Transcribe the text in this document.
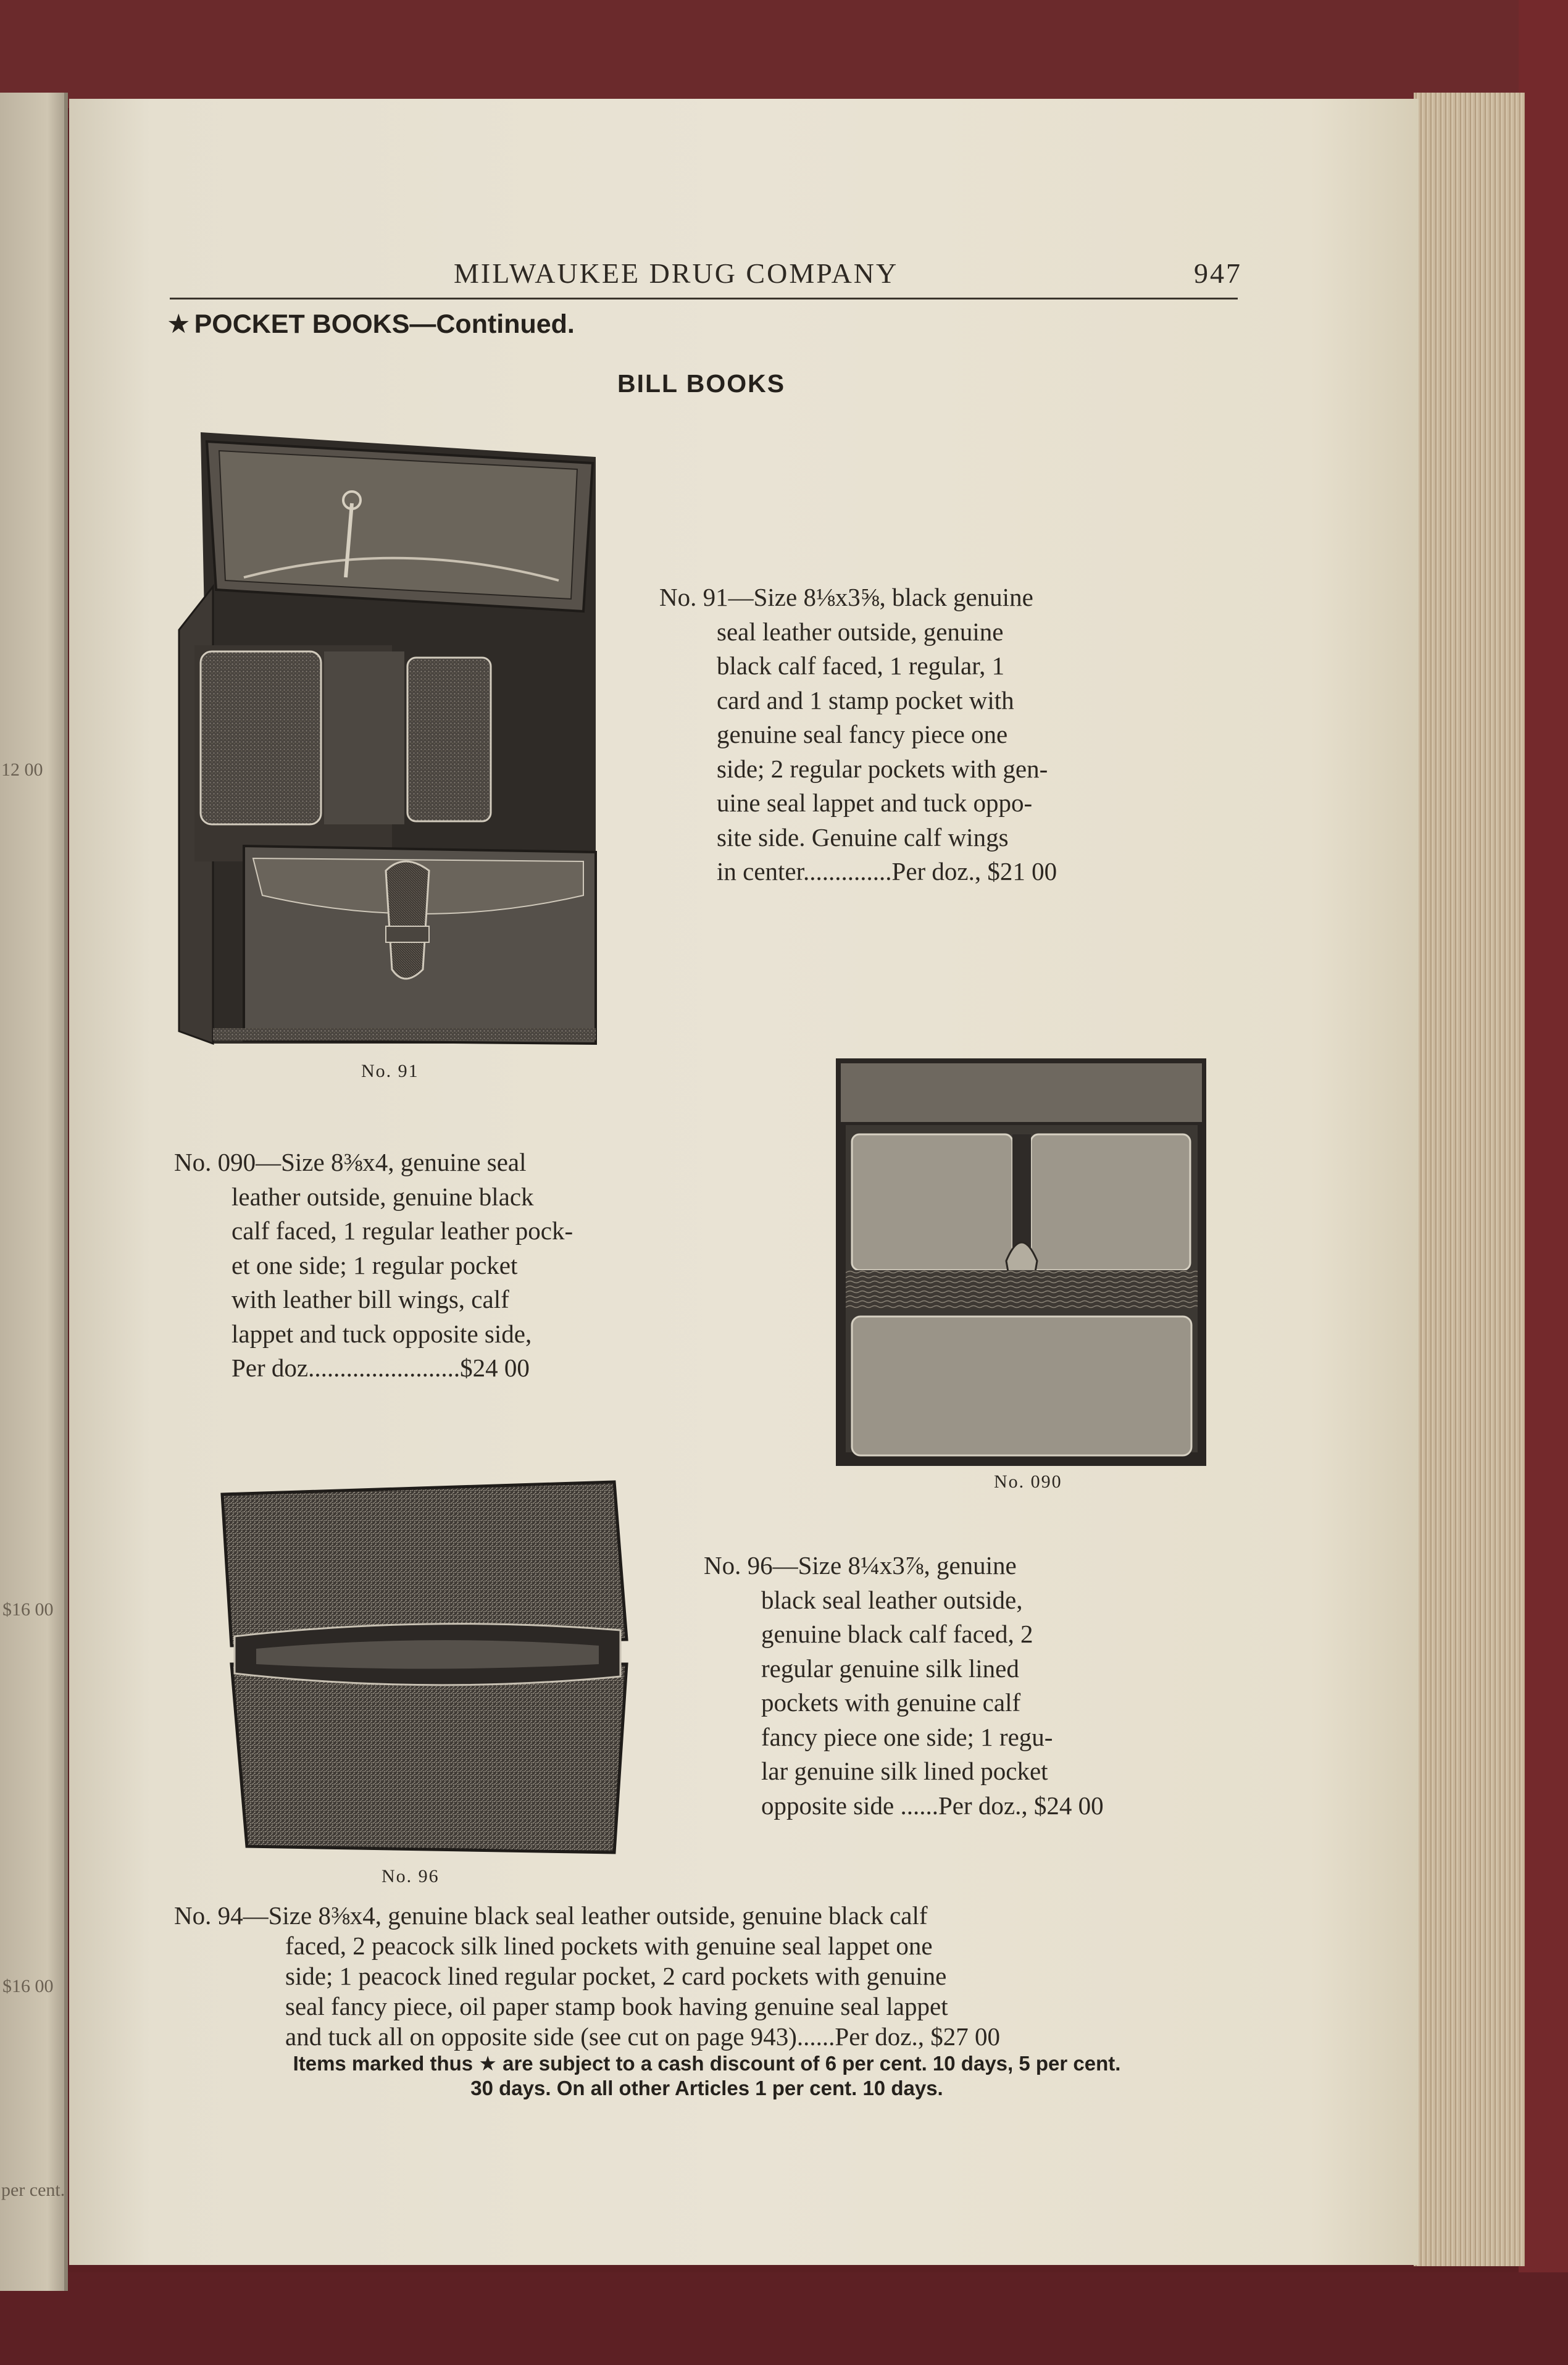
12 00
$16 00
$16 00
per cent.
MILWAUKEE DRUG COMPANY	947
★ POCKET BOOKS—Continued.
BILL BOOKS
No. 91
No. 91—Size 8⅛x3⅝, black genuine
seal leather outside, genuine
black calf faced, 1 regular, 1
card and 1 stamp pocket with
genuine seal fancy piece one
side; 2 regular pockets with gen-
uine seal lappet and tuck oppo-
site side. Genuine calf wings
in center..............Per doz., $21 00
No. 090—Size 8⅜x4, genuine seal
leather outside, genuine black
calf faced, 1 regular leather pock-
et one side; 1 regular pocket
with leather bill wings, calf
lappet and tuck opposite side,
Per doz........................$24 00
No. 090
No. 96
No. 96—Size 8¼x3⅞, genuine
black seal leather outside,
genuine black calf faced, 2
regular genuine silk lined
pockets with genuine calf
fancy piece one side; 1 regu-
lar genuine silk lined pocket
opposite side ......Per doz., $24 00
No. 94—Size 8⅜x4, genuine black seal leather outside, genuine black calf
faced, 2 peacock silk lined pockets with genuine seal lappet one
side; 1 peacock lined regular pocket, 2 card pockets with genuine
seal fancy piece, oil paper stamp book having genuine seal lappet
and tuck all on opposite side (see cut on page 943)......Per doz., $27 00
Items marked thus ★ are subject to a cash discount of 6 per cent. 10 days, 5 per cent.
30 days. On all other Articles 1 per cent. 10 days.
